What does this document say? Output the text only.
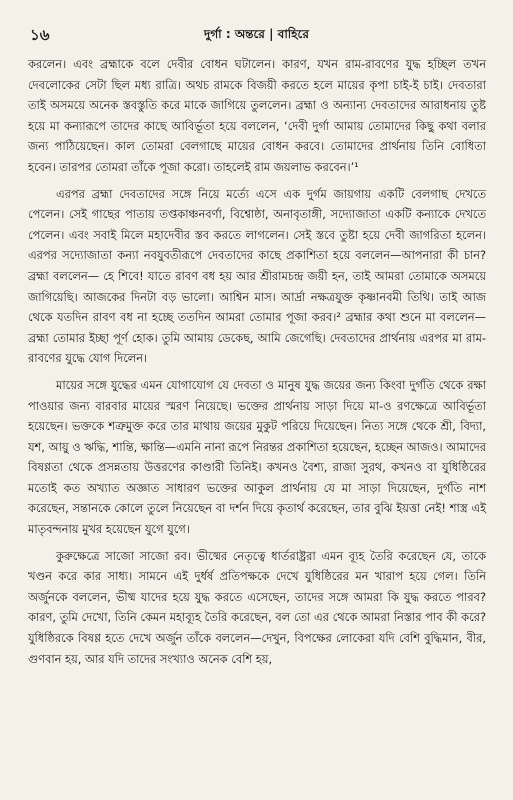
১৬	দুর্গা : অন্তরে | বাহিরে

করলেন। এবং ব্রহ্মাকে বলে দেবীর বোধন ঘটালেন। কারণ, যখন রাম-রাবণের যুদ্ধ হচ্ছিল তখন দেবলোকের সেটা ছিল মধ্য রাত্রি। অথচ রামকে বিজয়ী করতে হলে মায়ের কৃপা চাই-ই চাই। দেবতারা তাই অসময়ে অনেক স্তবস্তুতি করে মাকে জাগিয়ে তুললেন। ব্রহ্মা ও অন্যান্য দেবতাদের আরাধনায় তুষ্ট হয়ে মা কন্যারূপে তাদের কাছে আবির্ভূতা হয়ে বললেন, ‘দেবী দুর্গা আমায় তোমাদের কিছু কথা বলার জন্য পাঠিয়েছেন। কাল তোমরা বেলগাছে মায়ের বোধন করবে। তোমাদের প্রার্থনায় তিনি বোধিতা হবেন। তারপর তোমরা তাঁকে পূজা করো। তাহলেই রাম জয়লাভ করবেন।’¹

এরপর ব্রহ্মা দেবতাদের সঙ্গে নিয়ে মর্ত্যে এসে এক দুর্গম জায়গায় একটি বেলগাছ দেখতে পেলেন। সেই গাছের পাতায় তপ্তকাঞ্চনবর্ণা, বিশ্বোষ্ঠা, অনাবৃতাঙ্গী, সদ্যোজাতা একটি কন্যাকে দেখতে পেলেন। এবং সবাই মিলে মহাদেবীর স্তব করতে লাগলেন। সেই স্তবে তুষ্টা হয়ে দেবী জাগরিতা হলেন। এরপর সদ্যোজাতা কন্যা নবযুবতীরূপে দেবতাদের কাছে প্রকাশিতা হয়ে বললেন—আপনারা কী চান? ব্রহ্মা বললেন— হে শিবে! যাতে রাবণ বধ হয় আর শ্রীরামচন্দ্র জয়ী হন, তাই আমরা তোমাকে অসময়ে জাগিয়েছি। আজকের দিনটা বড় ভালো। আশ্বিন মাস। আর্দ্রা নক্ষত্রযুক্ত কৃষ্ণানবমী তিথি। তাই আজ থেকে যতদিন রাবণ বধ না হচ্ছে ততদিন আমরা তোমার পূজা করব।² ব্রহ্মার কথা শুনে মা বললেন—ব্রহ্মা তোমার ইচ্ছা পূর্ণ হোক। তুমি আমায় ডেকেছ, আমি জেগেছি। দেবতাদের প্রার্থনায় এরপর মা রাম-রাবণের যুদ্ধে যোগ দিলেন।

মায়ের সঙ্গে যুদ্ধের এমন যোগাযোগ যে দেবতা ও মানুষ যুদ্ধ জয়ের জন্য কিংবা দুর্গতি থেকে রক্ষা পাওয়ার জন্য বারবার মায়ের স্মরণ নিয়েছে। ভক্তের প্রার্থনায় সাড়া দিয়ে মা-ও রণক্ষেত্রে আবির্ভূতা হয়েছেন। ভক্তকে শত্রুমুক্ত করে তার মাথায় জয়ের মুকুট পরিয়ে দিয়েছেন। নিত্য সঙ্গে থেকে শ্রী, বিদ্যা, যশ, আয়ু ও ঋদ্ধি, শান্তি, ক্ষান্তি—এমনি নানা রূপে নিরন্তর প্রকাশিতা হয়েছেন, হচ্ছেন আজও। আমাদের বিষণ্ণতা থেকে প্রসন্নতায় উত্তরণের কাণ্ডারী তিনিই। কখনও বৈশ্য, রাজা সুরথ, কখনও বা যুধিষ্ঠিরের মতোই কত অখ্যাত অজ্ঞাত সাধারণ ভক্তের আকুল প্রার্থনায় যে মা সাড়া দিয়েছেন, দুর্গতি নাশ করেছেন, সন্তানকে কোলে তুলে নিয়েছেন বা দর্শন দিয়ে কৃতার্থ করেছেন, তার বুঝি ইয়ত্তা নেই! শাস্ত্র এই মাতৃবন্দনায় মুখর হয়েছেন যুগে যুগে।

কুরুক্ষেত্রে সাজো সাজো রব। ভীষ্মের নেতৃত্বে ধার্তরাষ্ট্ররা এমন ব্যূহ তৈরি করেছেন যে, তাকে খণ্ডন করে কার সাধ্য। সামনে এই দুর্ধর্ষ প্রতিপক্ষকে দেখে যুধিষ্ঠিরের মন খারাপ হয়ে গেল। তিনি অর্জুনকে বললেন, ভীষ্ম যাদের হয়ে যুদ্ধ করতে এসেছেন, তাদের সঙ্গে আমরা কি যুদ্ধ করতে পারব? কারণ, তুমি দেখো, তিনি কেমন মহাব্যূহ তৈরি করেছেন, বল তো এর থেকে আমরা নিস্তার পাব কী করে? যুধিষ্ঠিরকে বিষণ্ণ হতে দেখে অর্জুন তাঁকে বললেন—দেখুন, বিপক্ষের লোকেরা যদি বেশি বুদ্ধিমান, বীর, গুণবান হয়, আর যদি তাদের সংখ্যাও অনেক বেশি হয়,
